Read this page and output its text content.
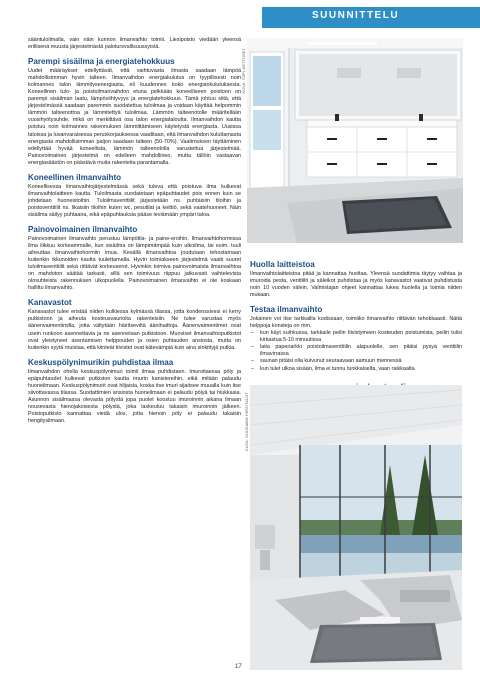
SUUNNITTELU

sääntuloilmalla, vain näin kunnon ilmanvaihto toimii. Liesipoisto viedään yleensä erillisenä muusta järjestelmästä palotursvallisuussyistä.

Parempi sisäilma ja energiatehokkuus

Uudet määräykset edellyttävät, että vaihtuvasta ilmasta saadaan lämpöä mahdollisimman hyvin talteen. Ilmanvaihdon energiakulutus on tyypillisesti noin kolmannes talon lämmitysenergiasta, eli kuudennes koko energiankulutuksesta. Koneellinen tulo- ja poistoilmanvaihdon etuna pelkkään koneelliseen poistoon on parempi sisäilman laatu, lämpöviihtyvyys ja energiatehokkuus. Tämä johtuu siitä, että järjestelmässä saadaan paremmin suodatettua tuloilmaa ja voidaan käyttää helpommin lämmön talteenottoa ja lämmitettyä tuloilmaa. Lämmön talteenotolle määritellään vuosihyötysuhde, mikä on merkittävä osa talon energiataloutta. Ilmanvaihdon kautta poistuu noin kolmannes rakennuksen lämmittämiseen käytetystä energiasta. Uusissa taloissa ja luvanvaraisessa peruskorjauksessa vaaditaan, että ilmanvaihdon kuluttamasta energiasta mahdollisimman paljon saadaan talteen (50-70%). Vaatimuksen täyttäminen edellyttää hyvää koneellista, lämmön talteenotolla varustettua järjestelmää. Painovoimainen järjestelmä on edelleen mahdollinen, mutta tällöin vastaavan energiasäästön on päästävä muita rakenteita parantamalla.

Koneellinen ilmanvaihto

Koneellisessa ilmanvaihtojärjestelmässä sekä tuleva että poistuva ilma kulkevat ilmanvaihtolaitteen kautta. Tuloilmasta suodatetaan epäpuhtaudet pois ennen kuin se johdetaan huoneistoihin. Tuloilmaventtiilit järjestetään ns. puhtaisiin tiloihin ja poistoventtiilit ns. likaisiin tiloihin kuten wc, pesutilat ja keittiö, sekä vaatehuoneet. Näin sisäilma säilyy puhtaana, eikä epäpuhtauksia pääse leviämään ympäri taloa.

Painovoimainen ilmanvaihto

Painovoimainen ilmanvaihto perustuu lämpötila- ja paine-eroihin. Ilmanvaihtohormissa ilma liikkuu korkeammalle, kun sisäilma on lämpimämpää kuin ulkoilma, tai esim. tuuli aiheuttaa ilmanvaihtohormiin imua. Kesällä ilmanvaihtoa joudutaan tehostamaan kuitenkin ikkunoiden kautta tuulettamalla. Hyvin toimiakseen järjestelmä vaatii suuret tuloilmaventtiilit sekä riittävät korkeuserot. Hyvinkin toimiva painovoimaista ilmanvaihtoa on mahdoton säätää tarkasti, sillä sen toimivuus riippuu jatkuvasti vaihtelevista olosuhteista rakennuksen ulkopuolella. Painovoimainen ilmanvaihto ei ole koskaan hallittu ilmanvaihto.

Kanavastot

Kanavastot tulee eristää niiden kulkiessa kylmässä tilassa, jotta kondenssivesi ei kerry putkistoon ja aiheuta kosteusvaurioita rakenteisiin. Ne tulee varustaa myös äänenvaimentimilla, jotta vältytään häiritseviltä äänihaittoja. Äänenvaimentimet ovat usein runkoon asennettavia ja ne asennetaan putkistoon. Muoviset ilmanvaihtoputkistot ovat yleistyneet asentamisen helppouden ja osien puhtauden ansiosta, mutta on kuitenkin syytä muistaa, että kiinteät tiivistet ovat kätevämpiä kuin aina sinkittyjä putkia.

Keskuspölynimurikin puhdistaa ilmaa

Ilmanvaihdon ohella keskuspölynimuri toimii ilmaa puhdistaen. Imuroitaessa pöly ja epäpuhtaudet kulkevat putkiston kautta imurin kanistereihin, eikä mitään palaudu huoneilmaan. Keskuspölynimurit ovat hiljaisia, koska itse imuri sijaitsee muualla kuin itse siivottavassa tilassa. Suodattimien ansiosta huoneilmaan ei palaudu pölyä tai hiukkasia. Asunnon sisäilmassa olevasta pölystä jopa puolet koostuu imuroinnin aikana ilmaan nousevasta hienojakoisesta pölystä, joka laskeutuu takaisin imuroinnin jälkeen. Poistoputkisto kannattaa viedä ulos, jotta hienoin pöly ei palaudu takaisin hengitysilmaan.

KUVA: TOPI-KETTUSET
Huolla laitteistoa

Ilmanvaihtolaitteistoa pitää ja kannattaa huoltaa. Yleensä suodattimia täytyy vaihtaa ja imuroida pesta, venttiilit ja säleikot puhdistaa ja myös kanavastot vaativat puhdistusta noin 10 vuoden välein. Valmistajan ohjeet kannattaa lukea huolella ja toimia niiden mukaan.

Testaa ilmanvaihto

Jokainen voi itse tarkkailla kodissaan, toimiiko ilmanvaihto riittävän tehokkaasti. Näitä helppoja konsteja on mm.

– kun käyt suihkussa, tarkkaile peilin tiivistymeen kosteuden poistumista, peilin tulisi kirkastua 5-10 minuutissa
– laita paperiarkki poistoilmaventtiilin alapuolelle, sen pitäisi pysyä venttiilin ilmavirrassa
– saunan pitäisi olla kuivunut seuraavaan aamuun mennessä
– kun tulet ulkoa sisään, ilma ei tunnu tunkkaiselta, vaan raikkaalta
KUVA: KUUSAMO HIRSITALOT
17
